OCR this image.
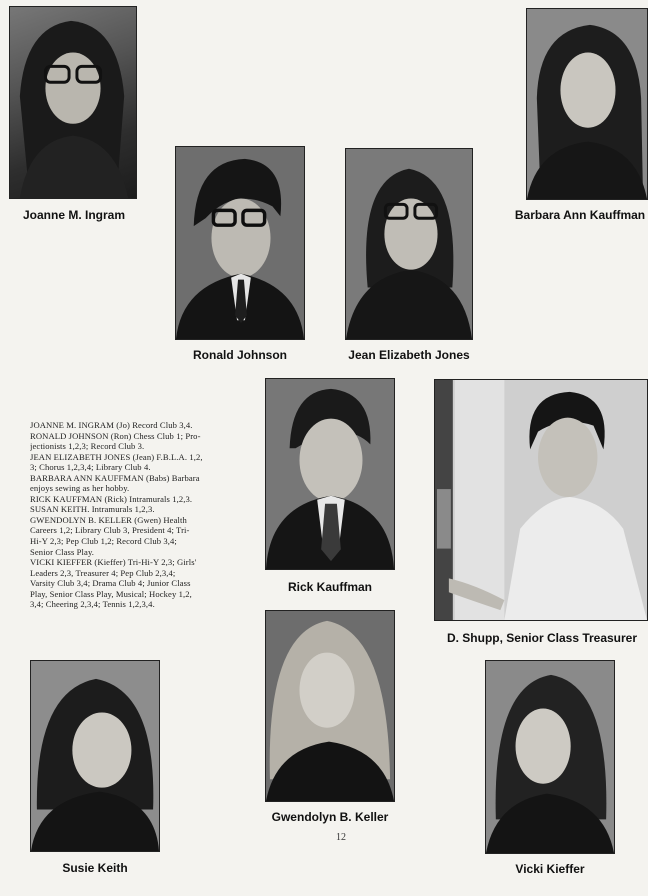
Joanne M. Ingram	Barbara Ann Kauffman
Ronald Johnson	Jean Elizabeth Jones
Rick Kauffman
D. Shupp, Senior Class Treasurer
Susie Keith
Gwendolyn B. Keller
Vicki Kieffer
JOANNE M. INGRAM (Jo) Record Club 3,4.
RONALD JOHNSON (Ron) Chess Club 1; Pro-
jectionists 1,2,3; Record Club 3.
JEAN ELIZABETH JONES (Jean) F.B.L.A. 1,2,
3; Chorus 1,2,3,4; Library Club 4.
BARBARA ANN KAUFFMAN (Babs) Barbara
enjoys sewing as her hobby.
RICK KAUFFMAN (Rick) Intramurals 1,2,3.
SUSAN KEITH. Intramurals 1,2,3.
GWENDOLYN B. KELLER (Gwen) Health
Careers 1,2; Library Club 3, President 4; Tri-
Hi-Y 2,3; Pep Club 1,2; Record Club 3,4;
Senior Class Play.
VICKI KIEFFER (Kieffer) Tri-Hi-Y 2,3; Girls'
Leaders 2,3, Treasurer 4; Pep Club 2,3,4;
Varsity Club 3,4; Drama Club 4; Junior Class
Play, Senior Class Play, Musical; Hockey 1,2,
3,4; Cheering 2,3,4; Tennis 1,2,3,4.
12
